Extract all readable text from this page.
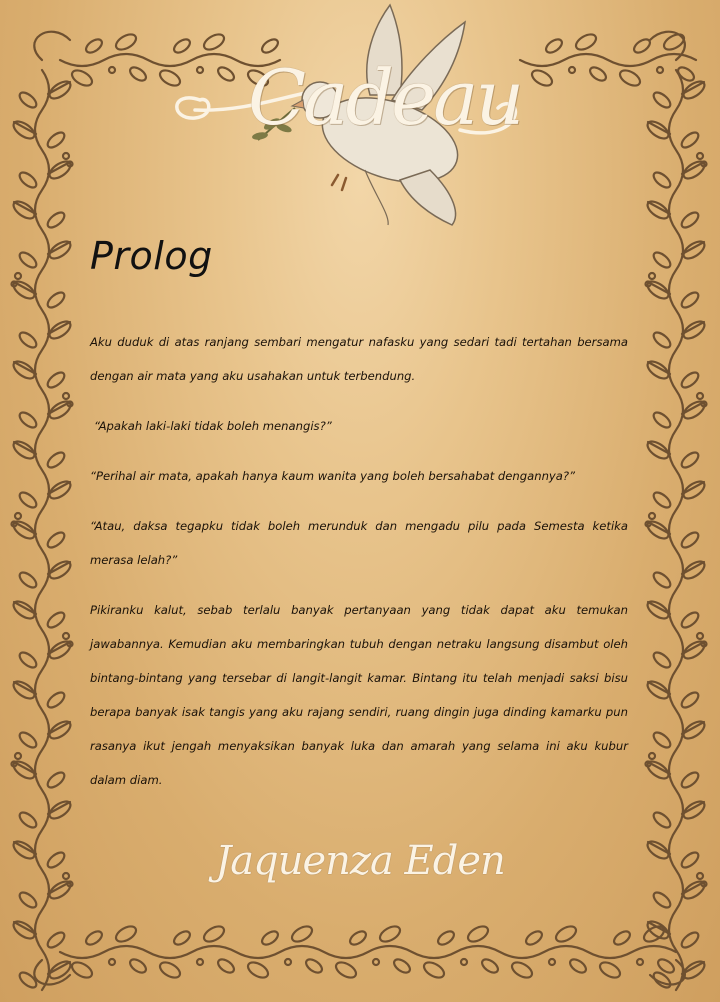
Cadeau
Prolog

Aku duduk di atas ranjang sembari mengatur nafasku yang sedari tadi tertahan bersama dengan air mata yang aku usahakan untuk terbendung.

“Apakah laki-laki tidak boleh menangis?”

“Perihal air mata, apakah hanya kaum wanita yang boleh bersahabat dengannya?”

“Atau, daksa tegapku tidak boleh merunduk dan mengadu pilu pada Semesta ketika merasa lelah?”

Pikiranku kalut, sebab terlalu banyak pertanyaan yang tidak dapat aku temukan jawabannya. Kemudian aku membaringkan tubuh dengan netraku langsung disambut oleh bintang-bintang yang tersebar di langit-langit kamar. Bintang itu telah menjadi saksi bisu berapa banyak isak tangis yang aku rajang sendiri, ruang dingin juga dinding kamarku pun rasanya ikut jengah menyaksikan banyak luka dan amarah yang selama ini aku kubur dalam diam.

Jaquenza Eden
